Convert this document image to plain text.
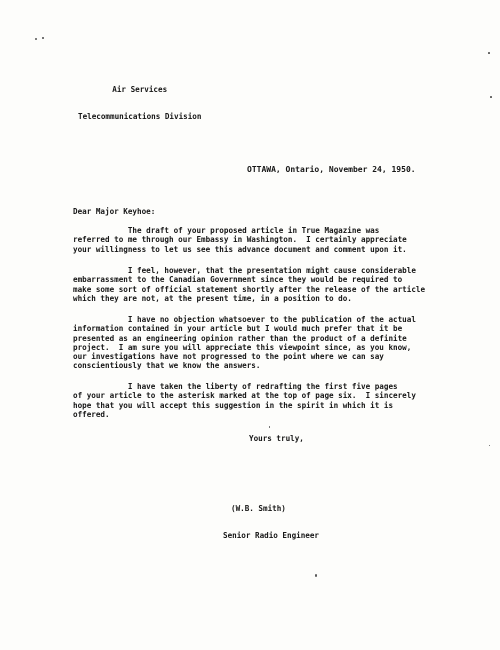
Air Services

Telecommunications Division

OTTAWA, Ontario, November 24, 1950.
Dear Major Keyhoe:
The draft of your proposed article in True Magazine was
referred to me through our Embassy in Washington.  I certainly appreciate
your willingness to let us see this advance document and comment upon it.
I feel, however, that the presentation might cause considerable
embarrassment to the Canadian Government since they would be required to
make some sort of official statement shortly after the release of the article
which they are not, at the present time, in a position to do.
I have no objection whatsoever to the publication of the actual
information contained in your article but I would much prefer that it be
presented as an engineering opinion rather than the product of a definite
project.  I am sure you will appreciate this viewpoint since, as you know,
our investigations have not progressed to the point where we can say
conscientiously that we know the answers.
I have taken the liberty of redrafting the first five pages
of your article to the asterisk marked at the top of page six.  I sincerely
hope that you will accept this suggestion in the spirit in which it is
offered.
Yours truly,

(W.B. Smith)

Senior Radio Engineer
